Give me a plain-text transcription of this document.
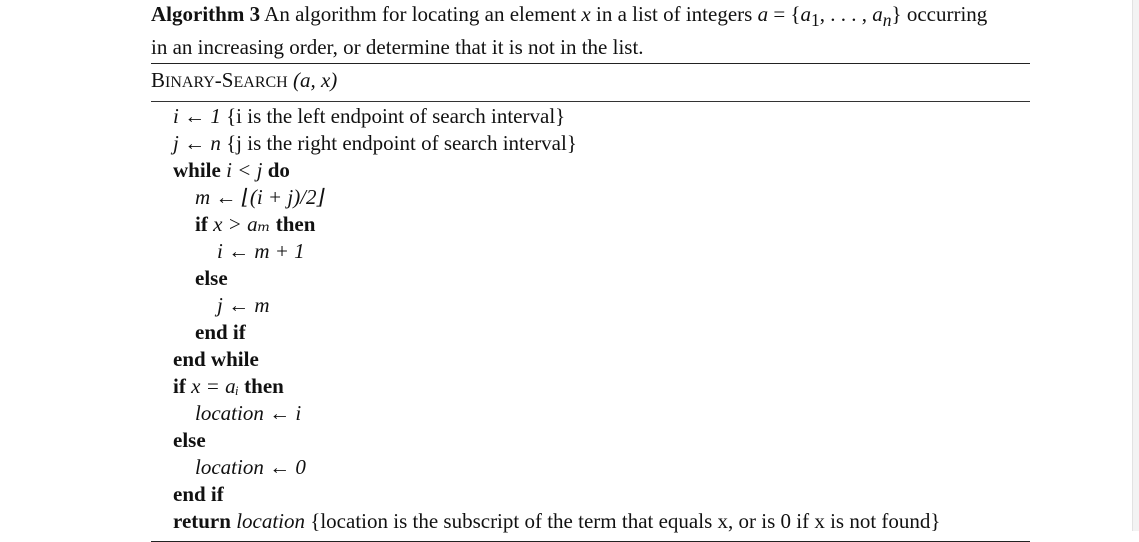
Algorithm 3 An algorithm for locating an element x in a list of integers $a = \{a_1$, . . . , $a_n$} occurring
in an increasing order, or determine that it is not in the list.
BINARY-SEARCH (a, x)
i ← 1 {i is the left endpoint of search interval}
j ← n {j is the right endpoint of search interval}
while i < j do
m ← ⌊(i + j)/2⌋
if x > aₘ then
i ← m + 1
else
j ← m
end if
end while
if x = aᵢ then
location ← i
else
location ← 0
end if
return location {location is the subscript of the term that equals x, or is 0 if x is not found}
